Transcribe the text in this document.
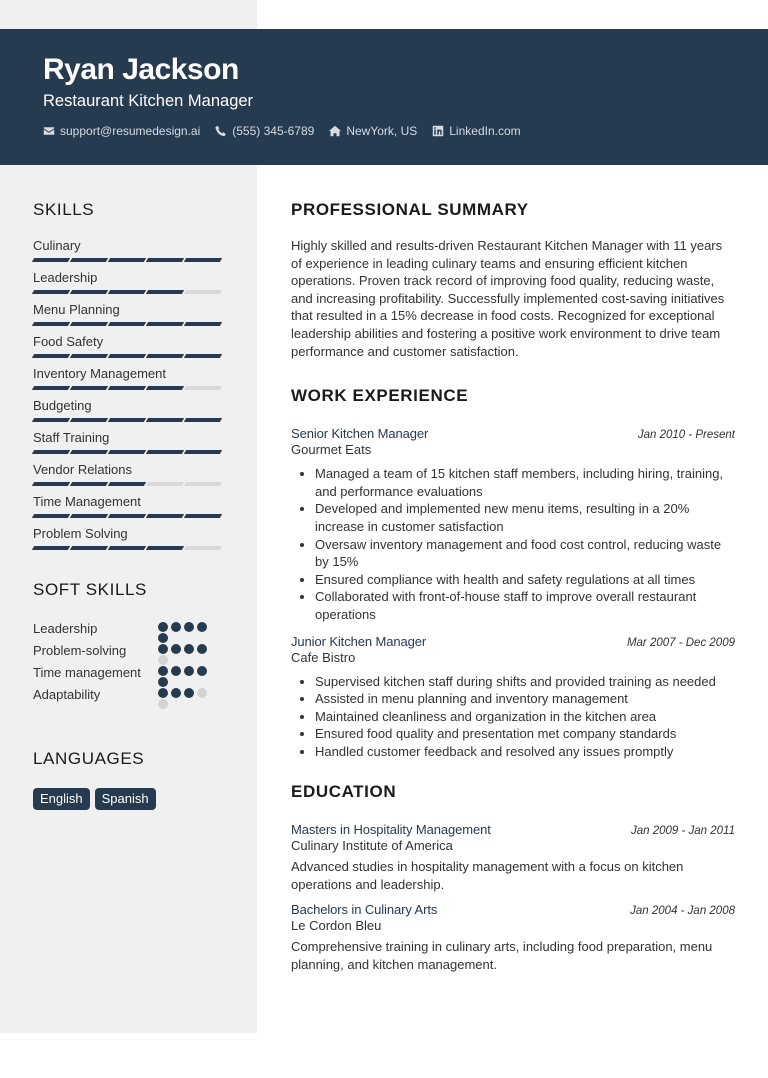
Ryan Jackson
Restaurant Kitchen Manager
support@resumedesign.ai	(555) 345-6789	NewYork, US	LinkedIn.com
SKILLS
Culinary
Leadership
Menu Planning
Food Safety
Inventory Management
Budgeting
Staff Training
Vendor Relations
Time Management
Problem Solving
SOFT SKILLS
Leadership
Problem-solving
Time management
Adaptability
LANGUAGES
English	Spanish
PROFESSIONAL SUMMARY

Highly skilled and results-driven Restaurant Kitchen Manager with 11 years of experience in leading culinary teams and ensuring efficient kitchen operations. Proven track record of improving food quality, reducing waste, and increasing profitability. Successfully implemented cost-saving initiatives that resulted in a 15% decrease in food costs. Recognized for exceptional leadership abilities and fostering a positive work environment to drive team performance and customer satisfaction.

WORK EXPERIENCE
Senior Kitchen Manager	Jan 2010 - Present
Gourmet Eats
• Managed a team of 15 kitchen staff members, including hiring, training, and performance evaluations
• Developed and implemented new menu items, resulting in a 20% increase in customer satisfaction
• Oversaw inventory management and food cost control, reducing waste by 15%
• Ensured compliance with health and safety regulations at all times
• Collaborated with front-of-house staff to improve overall restaurant operations
Junior Kitchen Manager	Mar 2007 - Dec 2009
Cafe Bistro
• Supervised kitchen staff during shifts and provided training as needed
• Assisted in menu planning and inventory management
• Maintained cleanliness and organization in the kitchen area
• Ensured food quality and presentation met company standards
• Handled customer feedback and resolved any issues promptly
EDUCATION
Masters in Hospitality Management	Jan 2009 - Jan 2011
Culinary Institute of America

Advanced studies in hospitality management with a focus on kitchen operations and leadership.

Bachelors in Culinary Arts	Jan 2004 - Jan 2008
Le Cordon Bleu

Comprehensive training in culinary arts, including food preparation, menu planning, and kitchen management.
